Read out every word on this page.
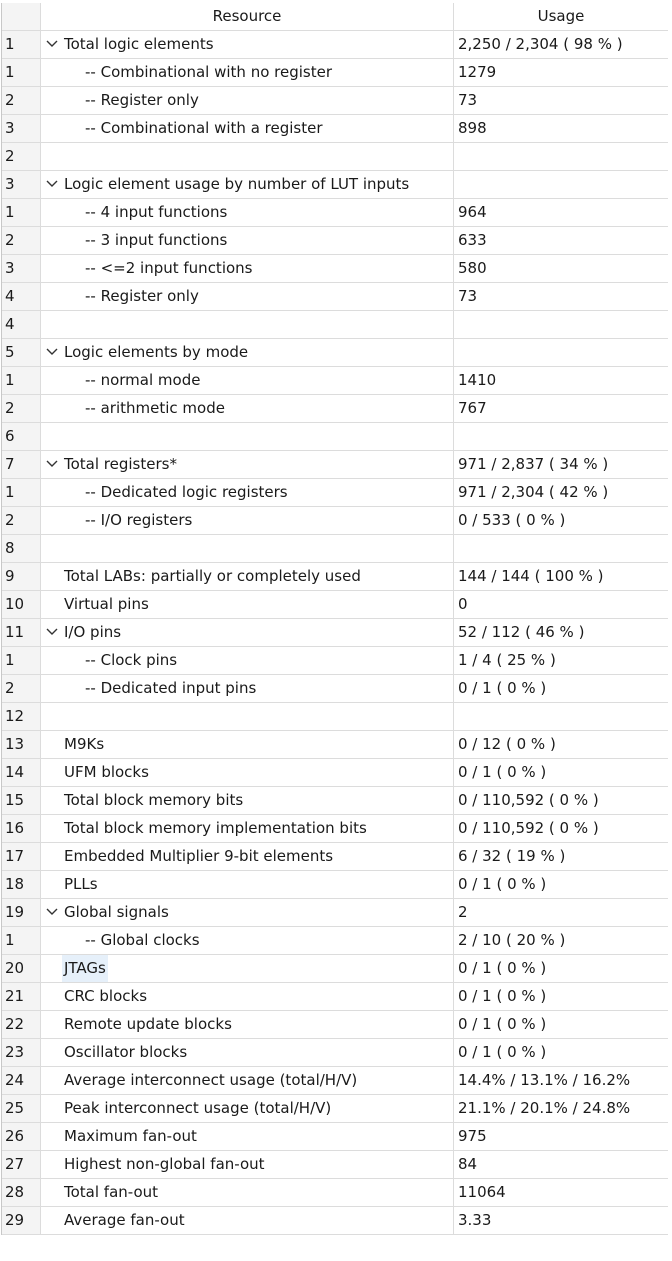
Resource	Usage
1	Total logic elements	2,250 / 2,304 ( 98 % )
1	-- Combinational with no register	1279
2	-- Register only	73
3	-- Combinational with a register	898
2
3	Logic element usage by number of LUT inputs
1	-- 4 input functions	964
2	-- 3 input functions	633
3	-- <=2 input functions	580
4	-- Register only	73
4
5	Logic elements by mode
1	-- normal mode	1410
2	-- arithmetic mode	767
6
7	Total registers*	971 / 2,837 ( 34 % )
1	-- Dedicated logic registers	971 / 2,304 ( 42 % )
2	-- I/O registers	0 / 533 ( 0 % )
8
9	Total LABs: partially or completely used	144 / 144 ( 100 % )
10	Virtual pins	0
11	I/O pins	52 / 112 ( 46 % )
1	-- Clock pins	1 / 4 ( 25 % )
2	-- Dedicated input pins	0 / 1 ( 0 % )
12
13	M9Ks	0 / 12 ( 0 % )
14	UFM blocks	0 / 1 ( 0 % )
15	Total block memory bits	0 / 110,592 ( 0 % )
16	Total block memory implementation bits	0 / 110,592 ( 0 % )
17	Embedded Multiplier 9-bit elements	6 / 32 ( 19 % )
18	PLLs	0 / 1 ( 0 % )
19	Global signals	2
1	-- Global clocks	2 / 10 ( 20 % )
20	JTAGs	0 / 1 ( 0 % )
21	CRC blocks	0 / 1 ( 0 % )
22	Remote update blocks	0 / 1 ( 0 % )
23	Oscillator blocks	0 / 1 ( 0 % )
24	Average interconnect usage (total/H/V)	14.4% / 13.1% / 16.2%
25	Peak interconnect usage (total/H/V)	21.1% / 20.1% / 24.8%
26	Maximum fan-out	975
27	Highest non-global fan-out	84
28	Total fan-out	11064
29	Average fan-out	3.33
